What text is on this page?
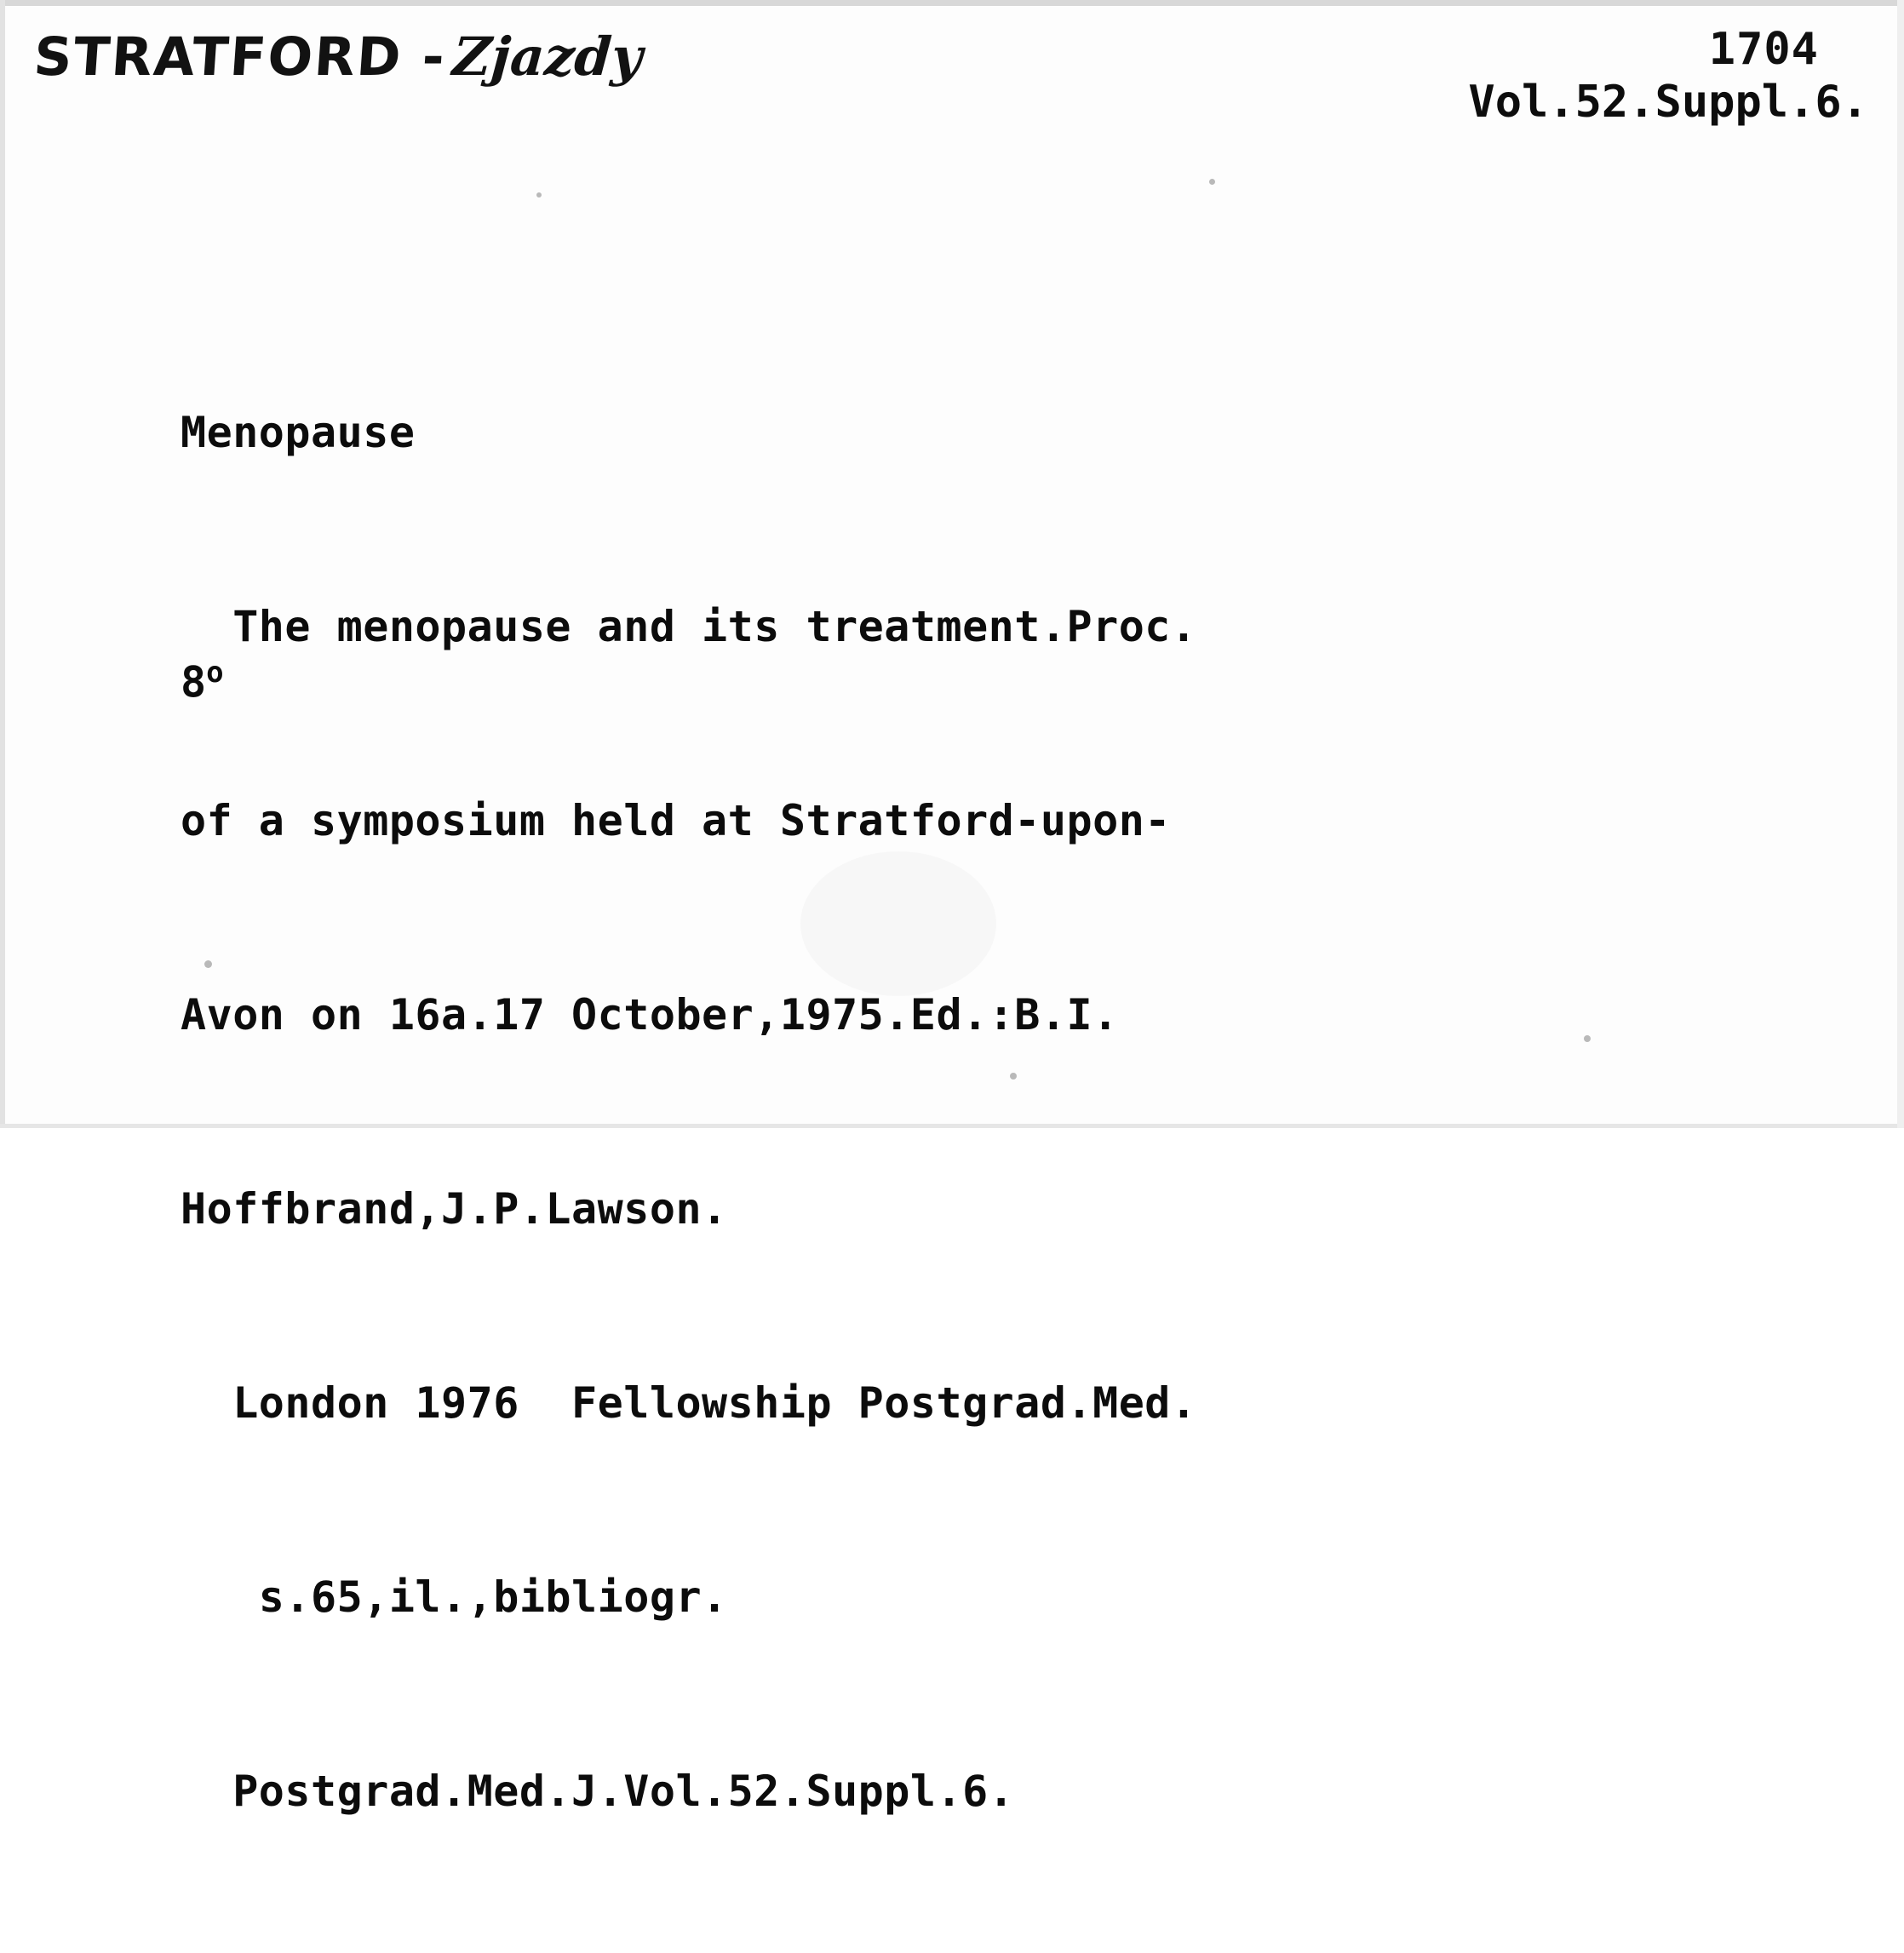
STRATFORD -Zjazdy	1704
Vol.52.Suppl.6.

Menopause

The menopause and its treatment.Proc.

of a symposium held at Stratford-upon-

Avon on 16a.17 October,1975.Ed.:B.I.

Hoffbrand,J.P.Lawson.

London 1976  Fellowship Postgrad.Med.

s.65,il.,bibliogr.

Postgrad.Med.J.Vol.52.Suppl.6.

8$^o$
